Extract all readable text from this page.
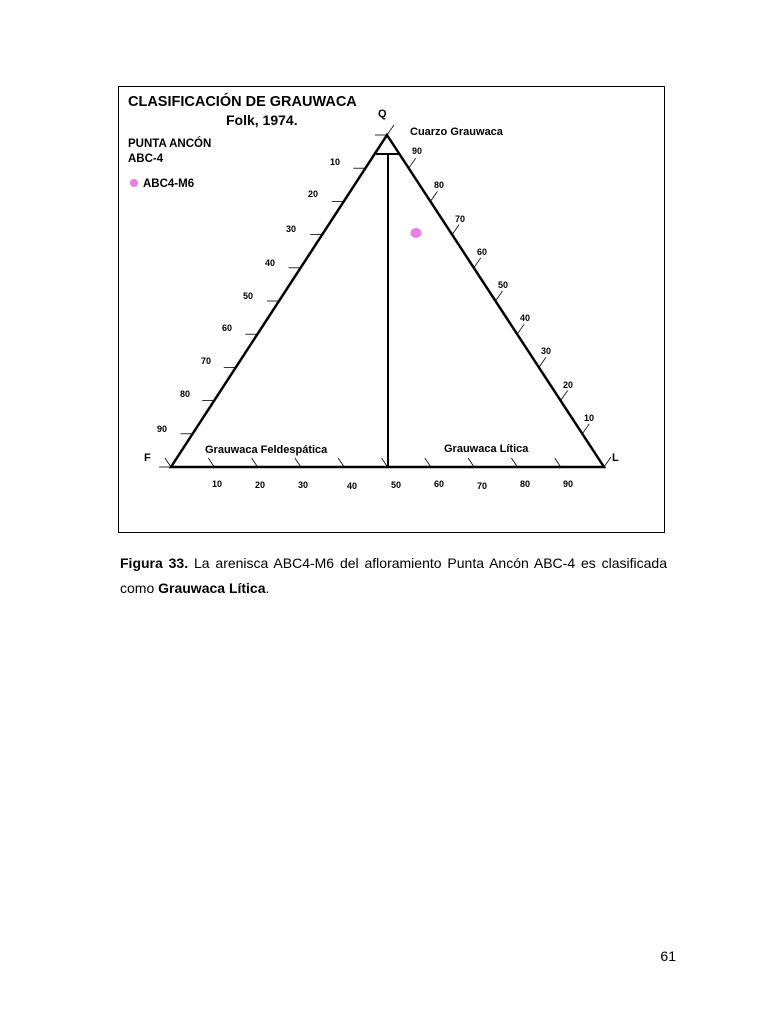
CLASIFICACIÓN DE GRAUWACA
Folk, 1974.
PUNTA ANCÓN
ABC-4
ABC4-M6
Q
F	L
Cuarzo Grauwaca
Grauwaca Feldespática	Grauwaca Lítica
10
20
30
40
50
60
70
80
90
90
80
70
60
50
40
30
20
10
10	20	30	40	50	60	70	80	90

Figura 33. La arenisca ABC4-M6 del afloramiento Punta Ancón ABC-4 es clasificada como Grauwaca Lítica.

61
